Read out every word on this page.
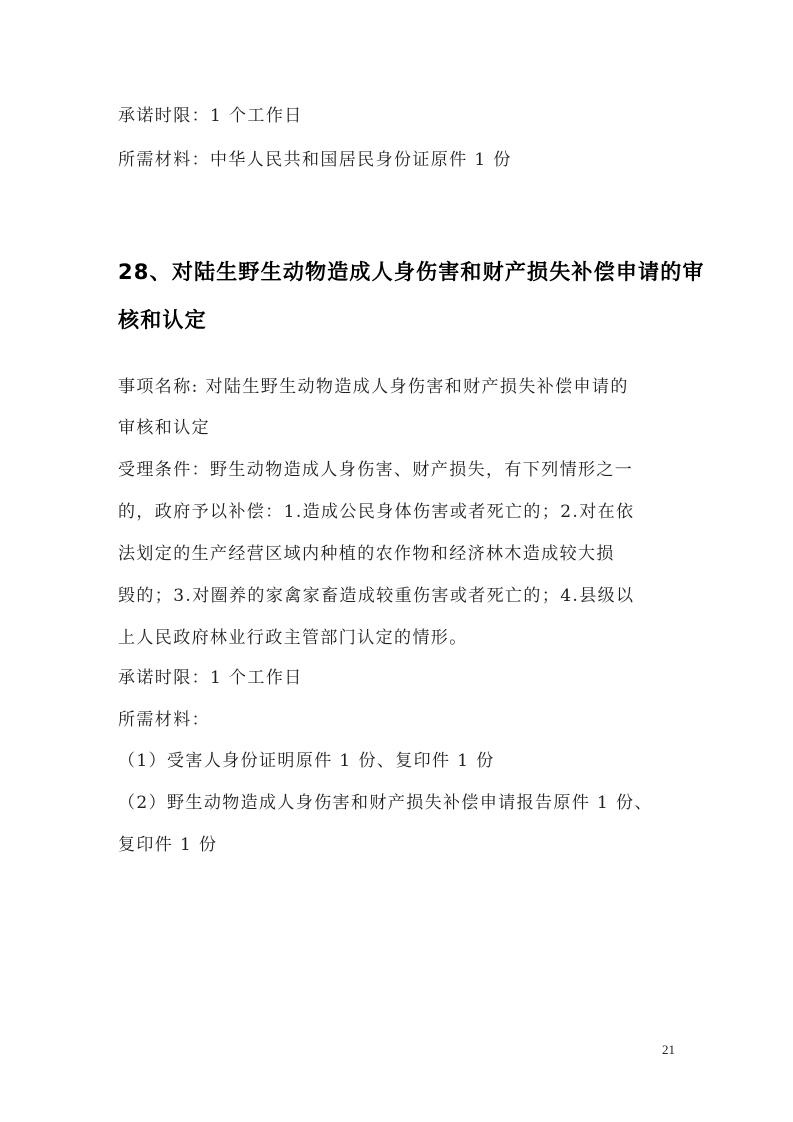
承诺时限：1 个工作日
所需材料：中华人民共和国居民身份证原件 1 份
28、对陆生野生动物造成人身伤害和财产损失补偿申请的审
核和认定
事项名称: 对陆生野生动物造成人身伤害和财产损失补偿申请的
审核和认定
受理条件：野生动物造成人身伤害、财产损失，有下列情形之一
的，政府予以补偿：1.造成公民身体伤害或者死亡的；2.对在依
法划定的生产经营区域内种植的农作物和经济林木造成较大损
毁的；3.对圈养的家禽家畜造成较重伤害或者死亡的；4.县级以
上人民政府林业行政主管部门认定的情形。
承诺时限：1 个工作日
所需材料：
（1）受害人身份证明原件 1 份、复印件 1 份
（2）野生动物造成人身伤害和财产损失补偿申请报告原件 1 份、
复印件 1 份
21
